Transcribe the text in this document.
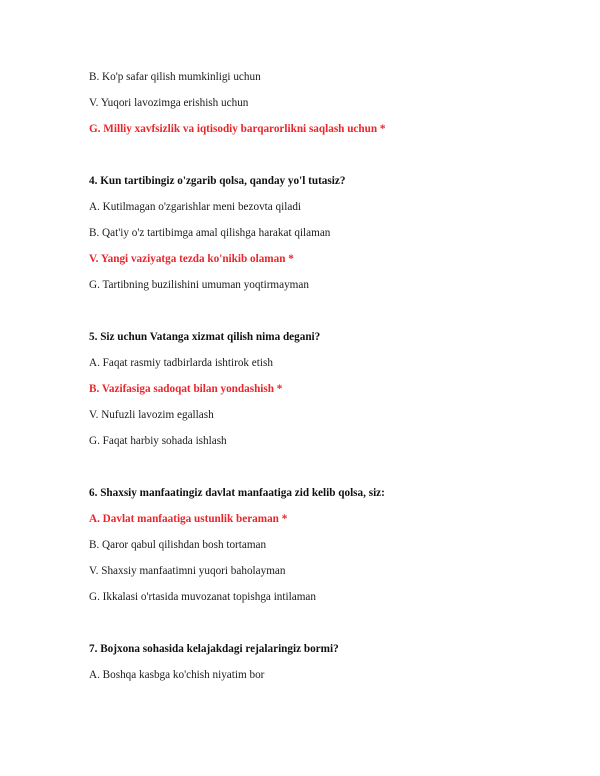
B. Ko'p safar qilish mumkinligi uchun
V. Yuqori lavozimga erishish uchun
G. Milliy xavfsizlik va iqtisodiy barqarorlikni saqlash uchun *
4. Kun tartibingiz o'zgarib qolsa, qanday yo'l tutasiz?
A. Kutilmagan o'zgarishlar meni bezovta qiladi
B. Qat'iy o'z tartibimga amal qilishga harakat qilaman
V. Yangi vaziyatga tezda ko'nikib olaman *
G. Tartibning buzilishini umuman yoqtirmayman
5. Siz uchun Vatanga xizmat qilish nima degani?
A. Faqat rasmiy tadbirlarda ishtirok etish
B. Vazifasiga sadoqat bilan yondashish *
V. Nufuzli lavozim egallash
G. Faqat harbiy sohada ishlash
6. Shaxsiy manfaatingiz davlat manfaatiga zid kelib qolsa, siz:
A. Davlat manfaatiga ustunlik beraman *
B. Qaror qabul qilishdan bosh tortaman
V. Shaxsiy manfaatimni yuqori baholayman
G. Ikkalasi o'rtasida muvozanat topishga intilaman
7. Bojxona sohasida kelajakdagi rejalaringiz bormi?
A. Boshqa kasbga ko'chish niyatim bor
